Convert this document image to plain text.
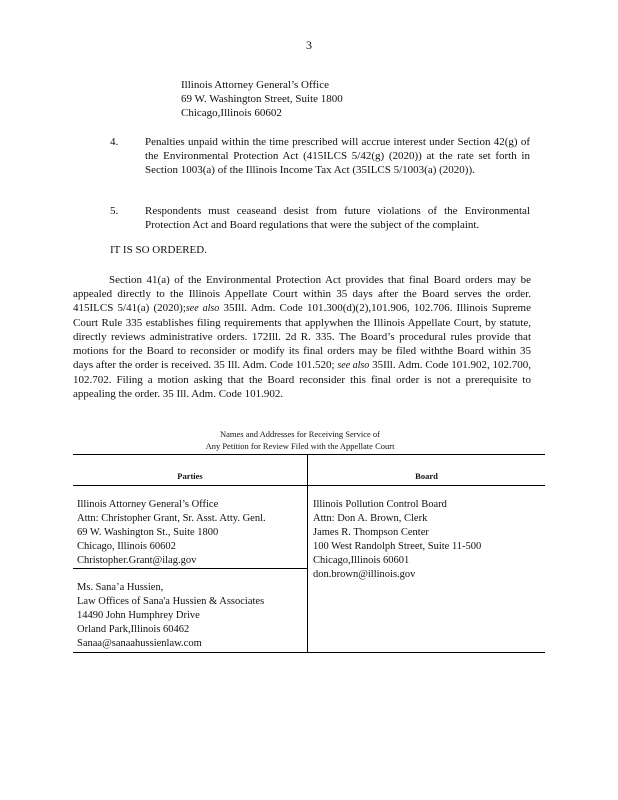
3
Illinois Attorney General’s Office
69 W. Washington Street, Suite 1800
Chicago,Illinois 60602
4. Penalties unpaid within the time prescribed will accrue interest under Section 42(g) of the Environmental Protection Act (415ILCS 5/42(g) (2020)) at the rate set forth in Section 1003(a) of the Illinois Income Tax Act (35ILCS 5/1003(a) (2020)).
5. Respondents must ceaseand desist from future violations of the Environmental Protection Act and Board regulations that were the subject of the complaint.
IT IS SO ORDERED.
Section 41(a) of the Environmental Protection Act provides that final Board orders may be appealed directly to the Illinois Appellate Court within 35 days after the Board serves the order. 415ILCS 5/41(a) (2020);see also 35Ill. Adm. Code 101.300(d)(2),101.906, 102.706. Illinois Supreme Court Rule 335 establishes filing requirements that applywhen the Illinois Appellate Court, by statute, directly reviews administrative orders. 172Ill. 2d R. 335. The Board’s procedural rules provide that motions for the Board to reconsider or modify its final orders may be filed withthe Board within 35 days after the order is received. 35 Ill. Adm. Code 101.520; see also 35Ill. Adm. Code 101.902, 102.700, 102.702. Filing a motion asking that the Board reconsider this final order is not a prerequisite to appealing the order. 35 Ill. Adm. Code 101.902.
Names and Addresses for Receiving Service of
Any Petition for Review Filed with the Appellate Court
Parties	Board
Illinois Attorney General’s Office
Attn: Christopher Grant, Sr. Asst. Atty. Genl.
69 W. Washington St., Suite 1800
Chicago, Illinois 60602
Christopher.Grant@ilag.gov
Ms. Sana’a Hussien,
Law Offices of Sana'a Hussien & Associates
14490 John Humphrey Drive
Orland Park,Illinois 60462
Sanaa@sanaahussienlaw.com
Illinois Pollution Control Board
Attn: Don A. Brown, Clerk
James R. Thompson Center
100 West Randolph Street, Suite 11-500
Chicago,Illinois 60601
don.brown@illinois.gov
